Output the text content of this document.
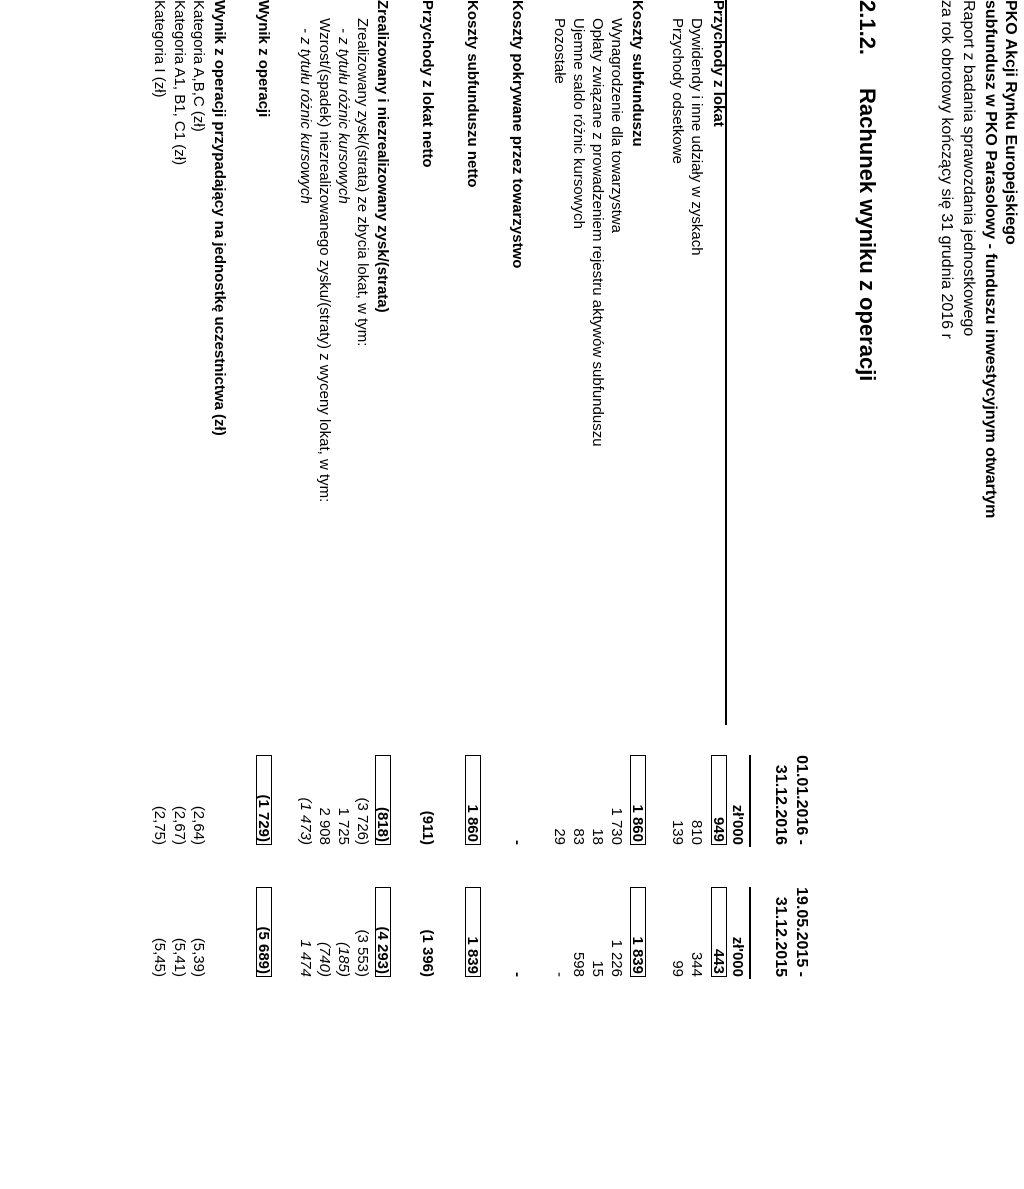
PKO Akcji Rynku Europejskiego
subfundusz w PKO Parasolowy - funduszu inwestycyjnym otwartym
Raport z badania sprawozdania jednostkowego
za rok obrotowy kończący się 31 grudnia 2016 r
2.1.2.
Rachunek wyniku z operacji
01.01.2016 -
31.12.2016
19.05.2015 -
31.12.2015
zł'000
zł'000
Przychody z lokat
949
443
Dywidendy i inne udziały w zyskach
810
344
Przychody odsetkowe
139
99
Koszty subfunduszu
1 860
1 839
Wynagrodzenie dla towarzystwa
1 730
1 226
Opłaty związane z prowadzeniem rejestru aktywów subfunduszu
18
15
Ujemne saldo różnic kursowych
83
598
Pozostałe
29
-
Koszty pokrywane przez towarzystwo
-
-
Koszty subfunduszu netto
1 860
1 839
Przychody z lokat netto
(911)
(1 396)
Zrealizowany i niezrealizowany zysk/(strata)
(818)
(4 293)
Zrealizowany zysk/(strata) ze zbycia lokat, w tym:
(3 726)
(3 553)
- z tytułu różnic kursowych
1 725
(185)
Wzrost/(spadek) niezrealizowanego zysku/(straty) z wyceny lokat, w tym:
2 908
(740)
- z tytułu różnic kursowych
(1 473)
1 474
Wynik z operacji
(1 729)
(5 689)
Wynik z operacji przypadający na jednostkę uczestnictwa (zł)
Kategoria A,B,C (zł)
(2,64)
(5,39)
Kategoria A1, B1, C1 (zł)
(2,67)
(5,41)
Kategoria I (zł)
(2,75)
(5,45)
